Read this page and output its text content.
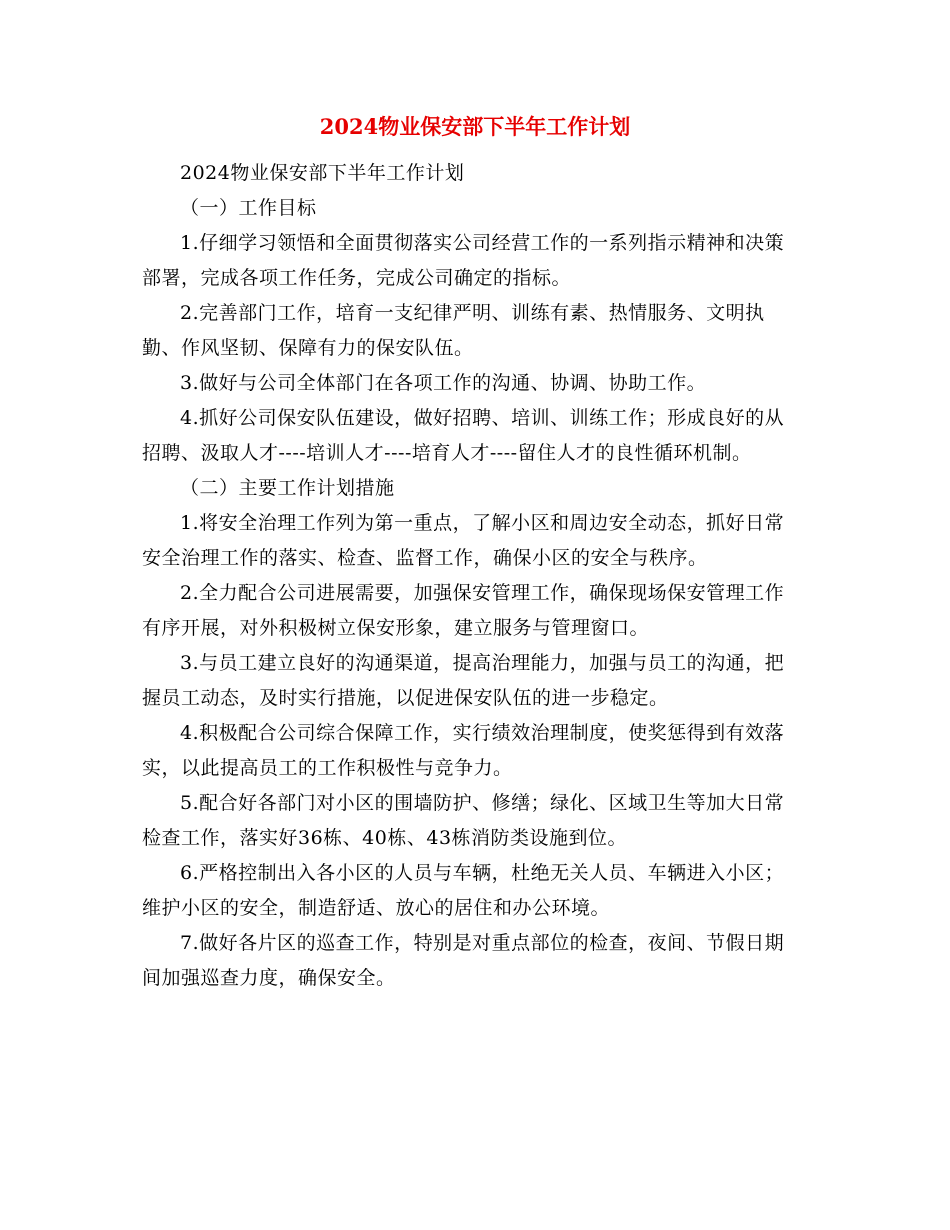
2024物业保安部下半年工作计划

2024物业保安部下半年工作计划

（一）工作目标

1.仔细学习领悟和全面贯彻落实公司经营工作的一系列指示精神和决策部署，完成各项工作任务，完成公司确定的指标。

2.完善部门工作，培育一支纪律严明、训练有素、热情服务、文明执勤、作风坚韧、保障有力的保安队伍。

3.做好与公司全体部门在各项工作的沟通、协调、协助工作。

4.抓好公司保安队伍建设，做好招聘、培训、训练工作；形成良好的从招聘、汲取人才----培训人才----培育人才----留住人才的良性循环机制。

（二）主要工作计划措施

1.将安全治理工作列为第一重点，了解小区和周边安全动态，抓好日常安全治理工作的落实、检查、监督工作，确保小区的安全与秩序。

2.全力配合公司进展需要，加强保安管理工作，确保现场保安管理工作有序开展，对外积极树立保安形象，建立服务与管理窗口。

3.与员工建立良好的沟通渠道，提高治理能力，加强与员工的沟通，把握员工动态，及时实行措施，以促进保安队伍的进一步稳定。

4.积极配合公司综合保障工作，实行绩效治理制度，使奖惩得到有效落实，以此提高员工的工作积极性与竞争力。

5.配合好各部门对小区的围墙防护、修缮；绿化、区域卫生等加大日常检查工作，落实好36栋、40栋、43栋消防类设施到位。

6.严格控制出入各小区的人员与车辆，杜绝无关人员、车辆进入小区；维护小区的安全，制造舒适、放心的居住和办公环境。

7.做好各片区的巡查工作，特别是对重点部位的检查，夜间、节假日期间加强巡查力度，确保安全。
